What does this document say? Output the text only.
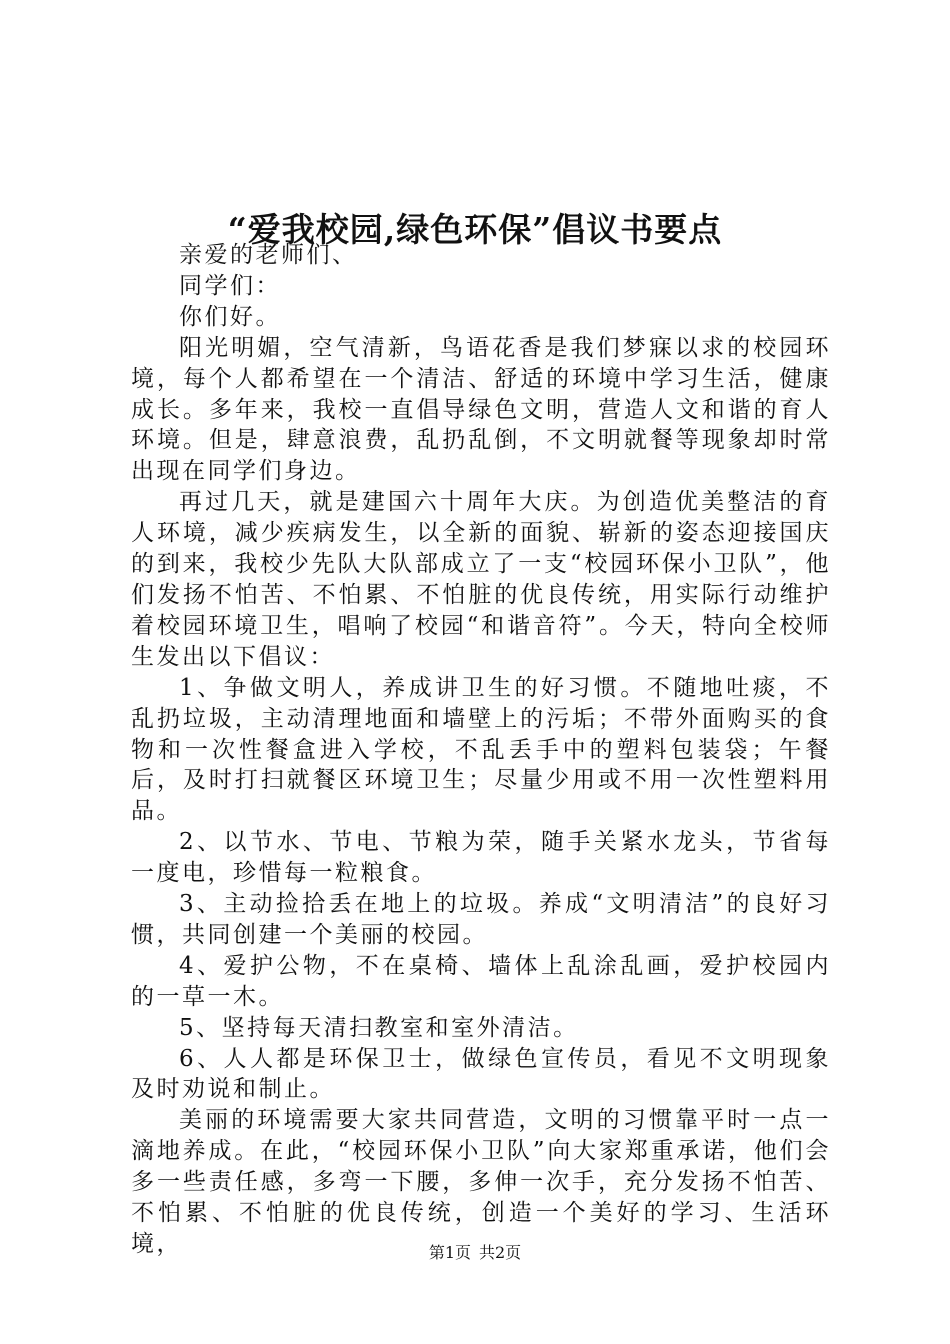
“爱我校园,绿色环保”倡议书要点

亲爱的老师们、

同学们：

你们好。

阳光明媚，空气清新，鸟语花香是我们梦寐以求的校园环境，每个人都希望在一个清洁、舒适的环境中学习生活，健康成长。多年来，我校一直倡导绿色文明，营造人文和谐的育人环境。但是，肆意浪费，乱扔乱倒，不文明就餐等现象却时常出现在同学们身边。

再过几天，就是建国六十周年大庆。为创造优美整洁的育人环境，减少疾病发生，以全新的面貌、崭新的姿态迎接国庆的到来，我校少先队大队部成立了一支“校园环保小卫队”，他们发扬不怕苦、不怕累、不怕脏的优良传统，用实际行动维护着校园环境卫生，唱响了校园“和谐音符”。今天，特向全校师生发出以下倡议：

1、争做文明人，养成讲卫生的好习惯。不随地吐痰，不乱扔垃圾，主动清理地面和墙壁上的污垢；不带外面购买的食物和一次性餐盒进入学校，不乱丢手中的塑料包装袋；午餐后，及时打扫就餐区环境卫生；尽量少用或不用一次性塑料用品。

2、以节水、节电、节粮为荣，随手关紧水龙头，节省每一度电，珍惜每一粒粮食。

3、主动捡拾丢在地上的垃圾。养成“文明清洁”的良好习惯，共同创建一个美丽的校园。

4、爱护公物，不在桌椅、墙体上乱涂乱画，爱护校园内的一草一木。

5、坚持每天清扫教室和室外清洁。

6、人人都是环保卫士，做绿色宣传员，看见不文明现象及时劝说和制止。

美丽的环境需要大家共同营造，文明的习惯靠平时一点一滴地养成。在此，“校园环保小卫队”向大家郑重承诺，他们会多一些责任感，多弯一下腰，多伸一次手，充分发扬不怕苦、不怕累、不怕脏的优良传统，创造一个美好的学习、生活环境，	第1页 共2页
